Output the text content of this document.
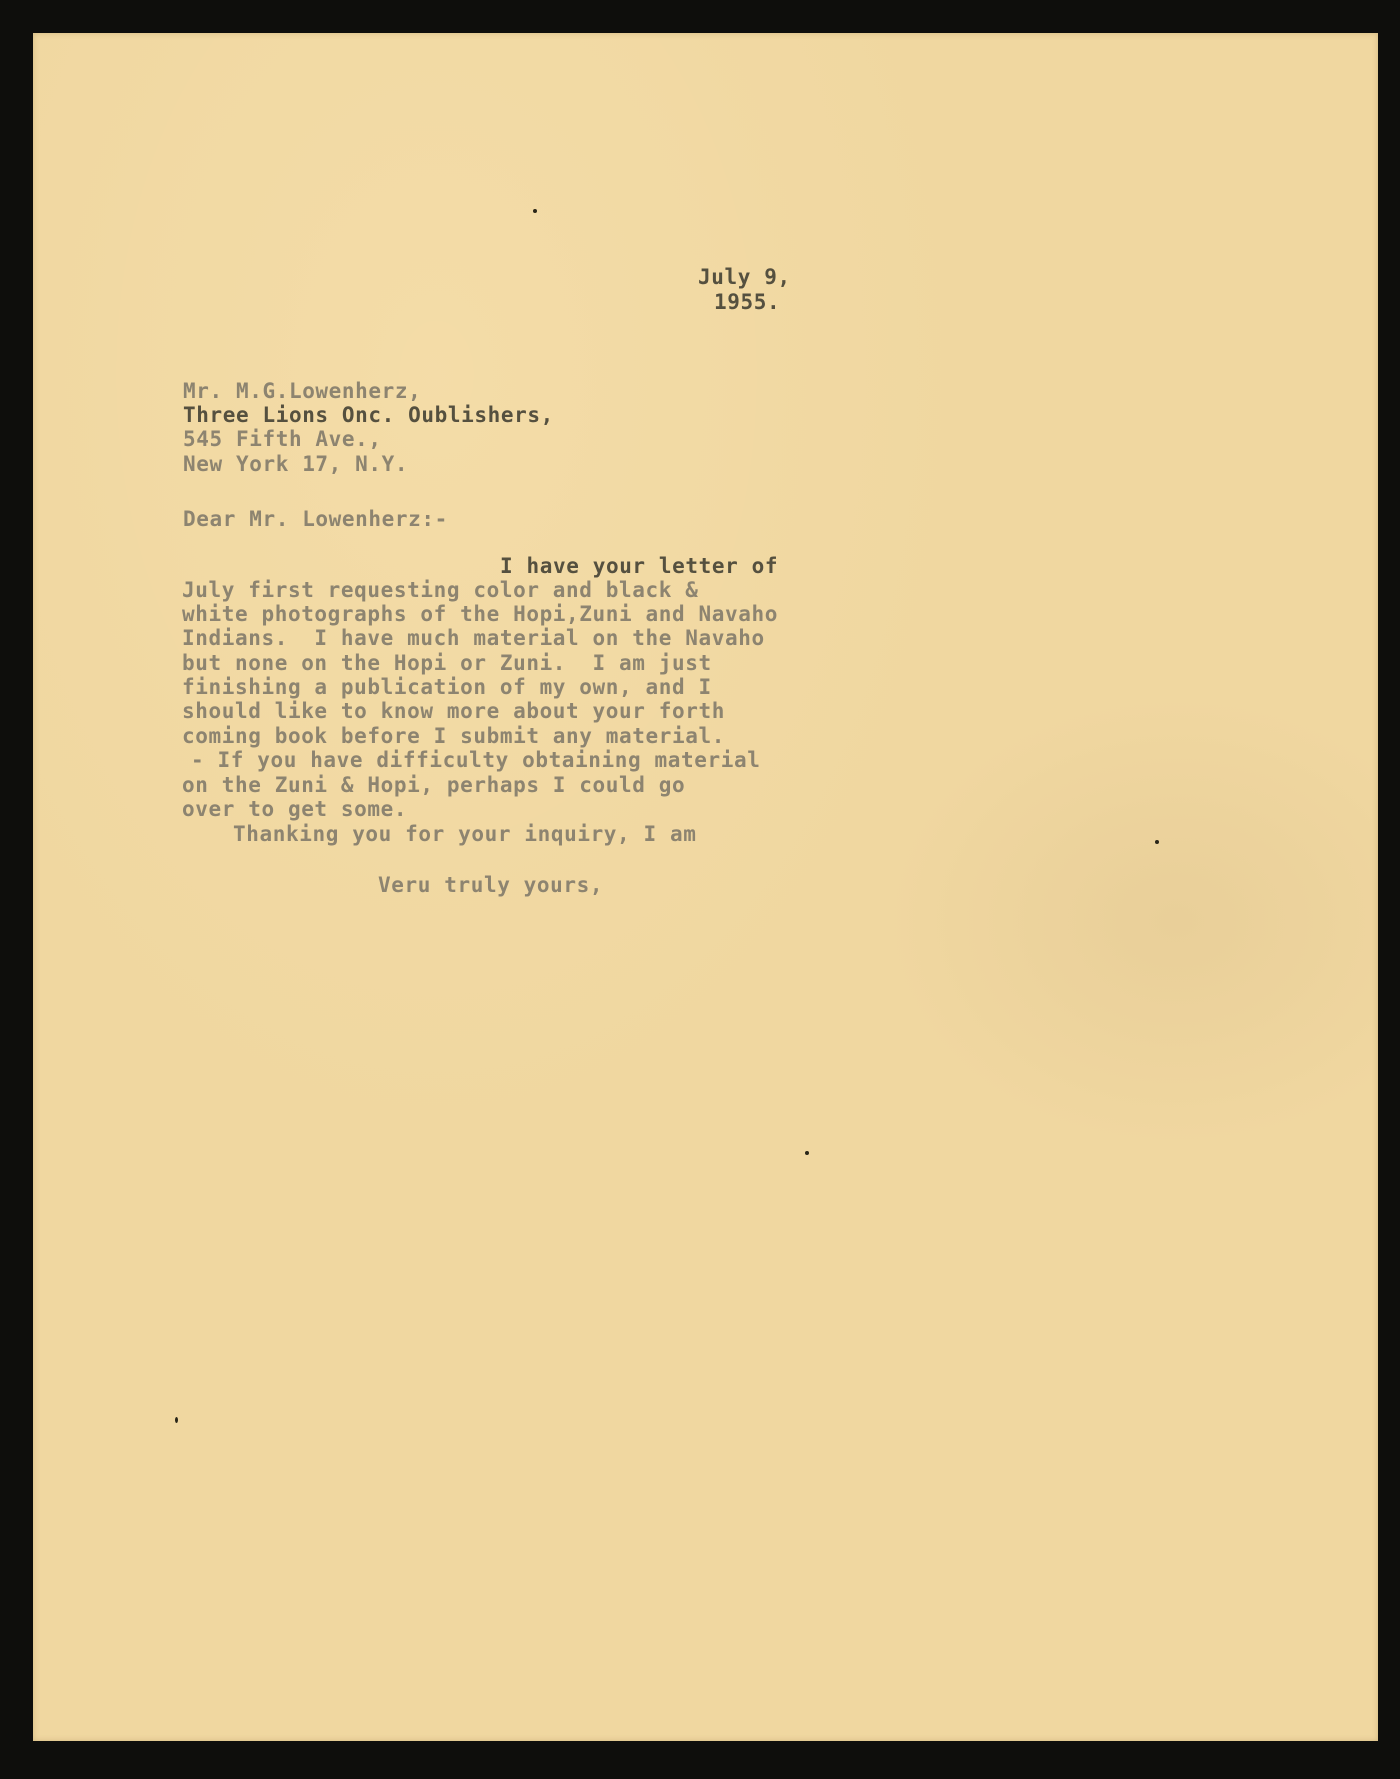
July 9,
1955.
Mr. M.G.Lowenherz,
Three Lions Onc. Oublishers,
545 Fifth Ave.,
New York 17, N.Y.
Dear Mr. Lowenherz:-
I have your letter of
July first requesting color and black &
white photographs of the Hopi,Zuni and Navaho
Indians.  I have much material on the Navaho
but none on the Hopi or Zuni.  I am just
finishing a publication of my own, and I
should like to know more about your forth
coming book before I submit any material.
- If you have difficulty obtaining material
on the Zuni & Hopi, perhaps I could go
over to get some.
Thanking you for your inquiry, I am
Veru truly yours,
